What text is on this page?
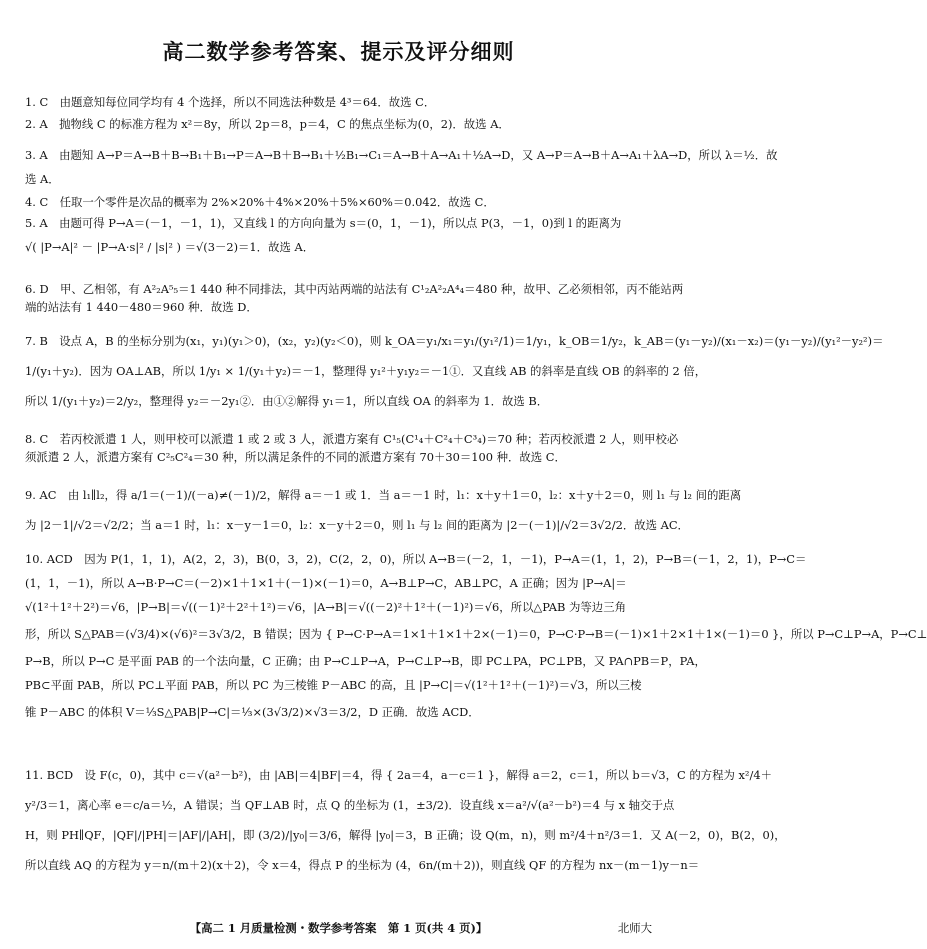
高二数学参考答案、提示及评分细则
1. C　由题意知每位同学均有 4 个选择，所以不同选法种数是 4³＝64．故选 C．
2. A　抛物线 C 的标准方程为 x²＝8y，所以 2p＝8，p＝4，C 的焦点坐标为(0，2)．故选 A．
3. A　由题知 A→P＝A→B＋B→B₁＋B₁→P＝A→B＋B→B₁＋½B₁→C₁＝A→B＋A→A₁＋½A→D，又 A→P＝A→B＋A→A₁＋λA→D，所以 λ＝½．故
选 A．
4. C　任取一个零件是次品的概率为 2%×20%＋4%×20%＋5%×60%＝0.042．故选 C．
5. A　由题可得 P→A＝(－1，－1，1)，又直线 l 的方向向量为 s＝(0，1，－1)，所以点 P(3，－1，0)到 l 的距离为
√( |P→A|² － |P→A·s|² / |s|² ) ＝√(3－2)＝1．故选 A．
6. D　甲、乙相邻，有 A²₂A⁵₅＝1 440 种不同排法，其中丙站两端的站法有 C¹₂A²₂A⁴₄＝480 种，故甲、乙必须相邻，丙不能站两
端的站法有 1 440－480＝960 种．故选 D．
7. B　设点 A，B 的坐标分别为(x₁，y₁)(y₁＞0)，(x₂，y₂)(y₂＜0)，则 k_OA＝y₁/x₁＝y₁/(y₁²/1)＝1/y₁，k_OB＝1/y₂，k_AB＝(y₁－y₂)/(x₁－x₂)＝(y₁－y₂)/(y₁²－y₂²)＝
1/(y₁＋y₂)．因为 OA⊥AB，所以 1/y₁ × 1/(y₁＋y₂)＝－1，整理得 y₁²＋y₁y₂＝－1①．又直线 AB 的斜率是直线 OB 的斜率的 2 倍，
所以 1/(y₁＋y₂)＝2/y₂，整理得 y₂＝－2y₁②．由①②解得 y₁＝1，所以直线 OA 的斜率为 1．故选 B．
8. C　若丙校派遣 1 人，则甲校可以派遣 1 或 2 或 3 人，派遣方案有 C¹₅(C¹₄＋C²₄＋C³₄)＝70 种；若丙校派遣 2 人，则甲校必
须派遣 2 人，派遣方案有 C²₅C²₄＝30 种，所以满足条件的不同的派遣方案有 70＋30＝100 种．故选 C．
9. AC　由 l₁∥l₂，得 a/1＝(－1)/(－a)≠(－1)/2，解得 a＝－1 或 1．当 a＝－1 时，l₁：x＋y＋1＝0，l₂：x＋y＋2＝0，则 l₁ 与 l₂ 间的距离
为 |2－1|/√2＝√2/2；当 a＝1 时，l₁：x－y－1＝0，l₂：x－y＋2＝0，则 l₁ 与 l₂ 间的距离为 |2－(－1)|/√2＝3√2/2．故选 AC．
10. ACD　因为 P(1，1，1)，A(2，2，3)，B(0，3，2)，C(2，2，0)，所以 A→B＝(－2，1，－1)，P→A＝(1，1，2)，P→B＝(－1，2，1)，P→C＝
(1，1，－1)，所以 A→B·P→C＝(－2)×1＋1×1＋(－1)×(－1)＝0，A→B⊥P→C，AB⊥PC，A 正确；因为 |P→A|＝
√(1²＋1²＋2²)＝√6，|P→B|＝√((－1)²＋2²＋1²)＝√6，|A→B|＝√((－2)²＋1²＋(－1)²)＝√6，所以△PAB 为等边三角
形，所以 S△PAB＝(√3/4)×(√6)²＝3√3/2，B 错误；因为 { P→C·P→A＝1×1＋1×1＋2×(－1)＝0，P→C·P→B＝(－1)×1＋2×1＋1×(－1)＝0 }，所以 P→C⊥P→A，P→C⊥
P→B，所以 P→C 是平面 PAB 的一个法向量，C 正确；由 P→C⊥P→A，P→C⊥P→B，即 PC⊥PA，PC⊥PB，又 PA∩PB＝P，PA，
PB⊂平面 PAB，所以 PC⊥平面 PAB，所以 PC 为三棱锥 P－ABC 的高，且 |P→C|＝√(1²＋1²＋(－1)²)＝√3，所以三棱
锥 P－ABC 的体积 V＝⅓S△PAB|P→C|＝⅓×(3√3/2)×√3＝3/2，D 正确．故选 ACD．
11. BCD　设 F(c，0)，其中 c＝√(a²－b²)，由 |AB|＝4|BF|＝4，得 { 2a＝4，a－c＝1 }，解得 a＝2，c＝1，所以 b＝√3，C 的方程为 x²/4＋
y²/3＝1，离心率 e＝c/a＝½，A 错误；当 QF⊥AB 时，点 Q 的坐标为 (1，±3/2)．设直线 x＝a²/√(a²－b²)＝4 与 x 轴交于点
H，则 PH∥QF，|QF|/|PH|＝|AF|/|AH|，即 (3/2)/|y₀|＝3/6，解得 |y₀|＝3，B 正确；设 Q(m，n)，则 m²/4＋n²/3＝1．又 A(－2，0)，B(2，0)，
所以直线 AQ 的方程为 y＝n/(m＋2)(x＋2)，令 x＝4，得点 P 的坐标为 (4，6n/(m＋2))，则直线 QF 的方程为 nx－(m－1)y－n＝
【高二 1 月质量检测・数学参考答案　第 1 页(共 4 页)】	北师大
